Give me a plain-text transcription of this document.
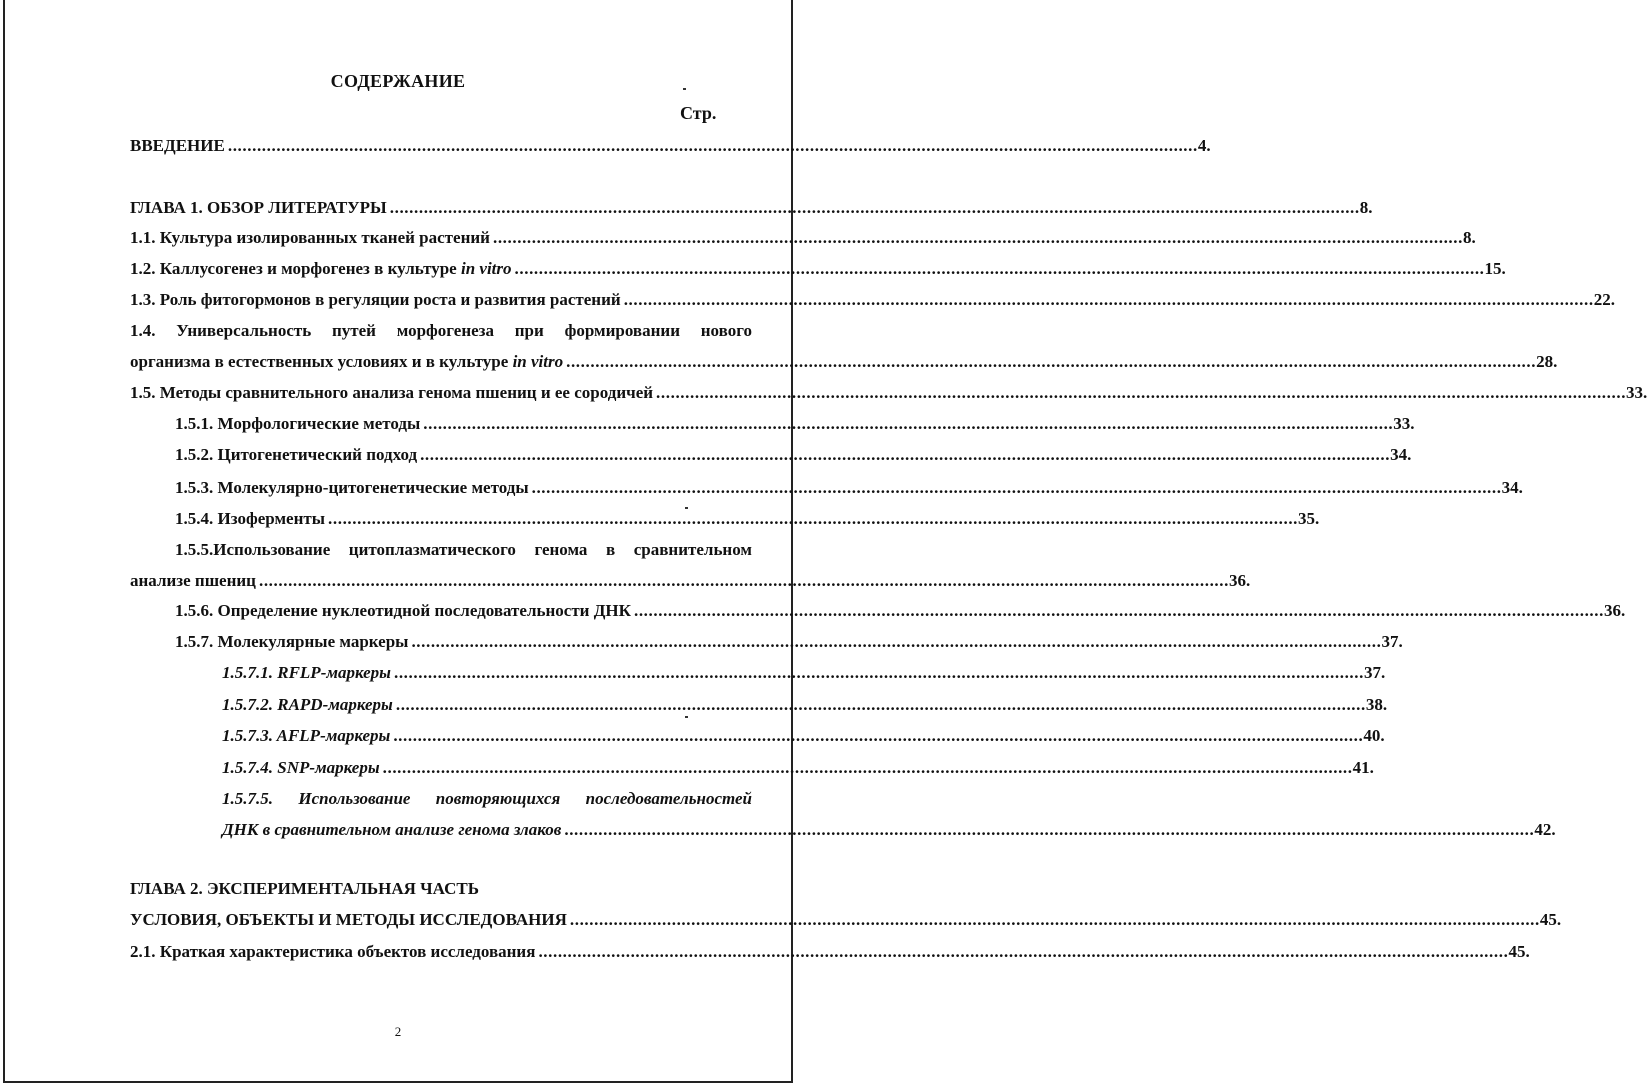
СОДЕРЖАНИЕ
Стр.
ВВЕДЕНИЕ ........................................................................................................................................................................................................ 4.
ГЛАВА 1. ОБЗОР ЛИТЕРАТУРЫ ........................................................................................................................................................................................................ 8.
1.1. Культура изолированных тканей растений ........................................................................................................................................................................................................ 8.
1.2. Каллусогенез и морфогенез в культуре in vitro ........................................................................................................................................................................................................ 15.
1.3. Роль фитогормонов в регуляции роста и развития растений ........................................................................................................................................................................................................ 22.
1.4. Универсальность путей морфогенеза при формировании нового
организма в естественных условиях и в культуре in vitro ........................................................................................................................................................................................................ 28.
1.5. Методы сравнительного анализа генома пшениц и ее сородичей ........................................................................................................................................................................................................ 33.
1.5.1. Морфологические методы ........................................................................................................................................................................................................ 33.
1.5.2. Цитогенетический подход ........................................................................................................................................................................................................ 34.
1.5.3. Молекулярно-цитогенетические методы ........................................................................................................................................................................................................ 34.
1.5.4. Изоферменты ........................................................................................................................................................................................................ 35.
1.5.5.Использование цитоплазматического генома в сравнительном
анализе пшениц ........................................................................................................................................................................................................ 36.
1.5.6. Определение нуклеотидной последовательности ДНК ........................................................................................................................................................................................................ 36.
1.5.7. Молекулярные маркеры ........................................................................................................................................................................................................ 37.
1.5.7.1. RFLP-маркеры ........................................................................................................................................................................................................ 37.
1.5.7.2. RAPD-маркеры ........................................................................................................................................................................................................ 38.
1.5.7.3. AFLP-маркеры ........................................................................................................................................................................................................ 40.
1.5.7.4. SNP-маркеры ........................................................................................................................................................................................................ 41.
1.5.7.5. Использование повторяющихся последовательностей
ДНК в сравнительном анализе генома злаков ........................................................................................................................................................................................................ 42.
ГЛАВА 2. ЭКСПЕРИМЕНТАЛЬНАЯ ЧАСТЬ
УСЛОВИЯ, ОБЪЕКТЫ И МЕТОДЫ ИССЛЕДОВАНИЯ ........................................................................................................................................................................................................ 45.
2.1. Краткая характеристика объектов исследования ........................................................................................................................................................................................................ 45.
2
